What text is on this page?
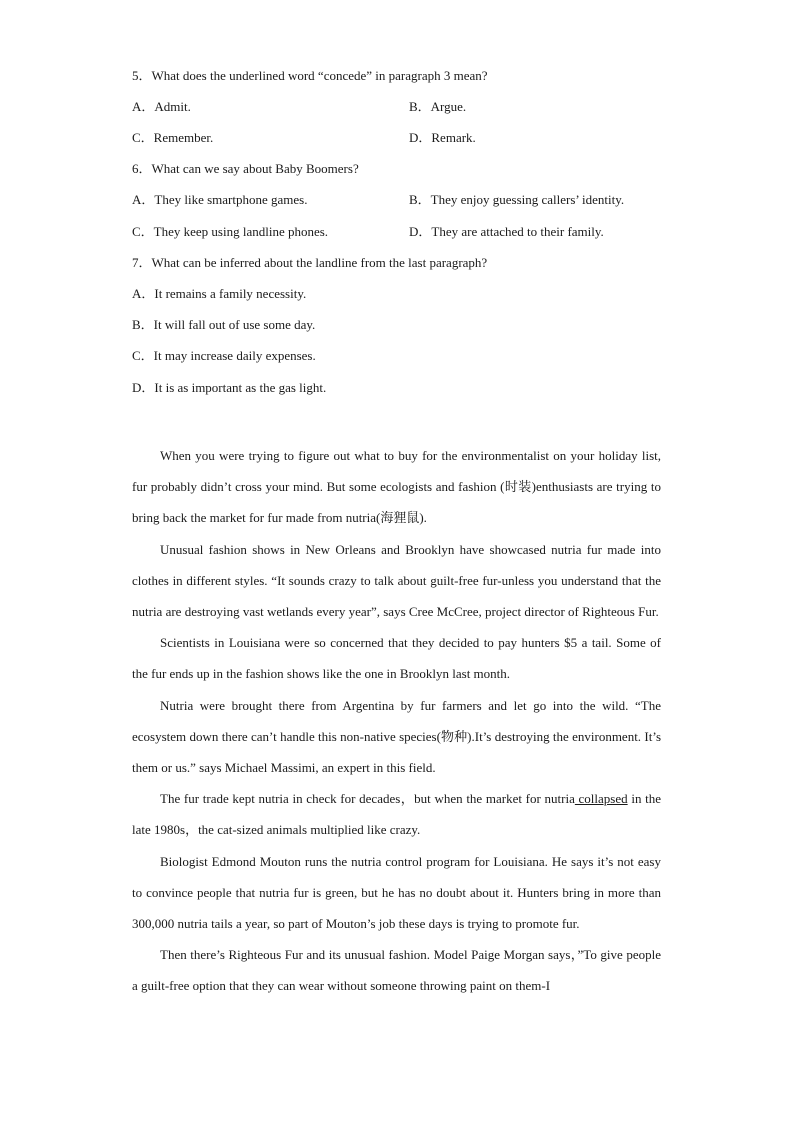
5．What does the underlined word “concede” in paragraph 3 mean?
A．Admit.	B．Argue.
C．Remember.	D．Remark.
6．What can we say about Baby Boomers?
A．They like smartphone games.	B．They enjoy guessing callers’ identity.
C．They keep using landline phones.	D．They are attached to their family.
7．What can be inferred about the landline from the last paragraph?
A．It remains a family necessity.
B．It will fall out of use some day.
C．It may increase daily expenses.
D．It is as important as the gas light.

When you were trying to figure out what to buy for the environmentalist on your holiday list, fur probably didn’t cross your mind. But some ecologists and fashion (时装)enthusiasts are trying to bring back the market for fur made from nutria(海狸鼠).

Unusual fashion shows in New Orleans and Brooklyn have showcased nutria fur made into clothes in different styles. “It sounds crazy to talk about guilt-free fur-unless you understand that the nutria are destroying vast wetlands every year”, says Cree McCree, project director of Righteous Fur.

Scientists in Louisiana were so concerned that they decided to pay hunters $5 a tail. Some of the fur ends up in the fashion shows like the one in Brooklyn last month.

Nutria were brought there from Argentina by fur farmers and let go into the wild. “The ecosystem down there can’t handle this non-native species(物种).It’s destroying the environment. It’s them or us.” says Michael Massimi, an expert in this field.

The fur trade kept nutria in check for decades，but when the market for nutria collapsed in the late 1980s，the cat-sized animals multiplied like crazy.

Biologist Edmond Mouton runs the nutria control program for Louisiana. He says it’s not easy to convince people that nutria fur is green, but he has no doubt about it. Hunters bring in more than 300,000 nutria tails a year, so part of Mouton’s job these days is trying to promote fur.

Then there’s Righteous Fur and its unusual fashion. Model Paige Morgan says，”To give people a guilt-free option that they can wear without someone throwing paint on them-I
